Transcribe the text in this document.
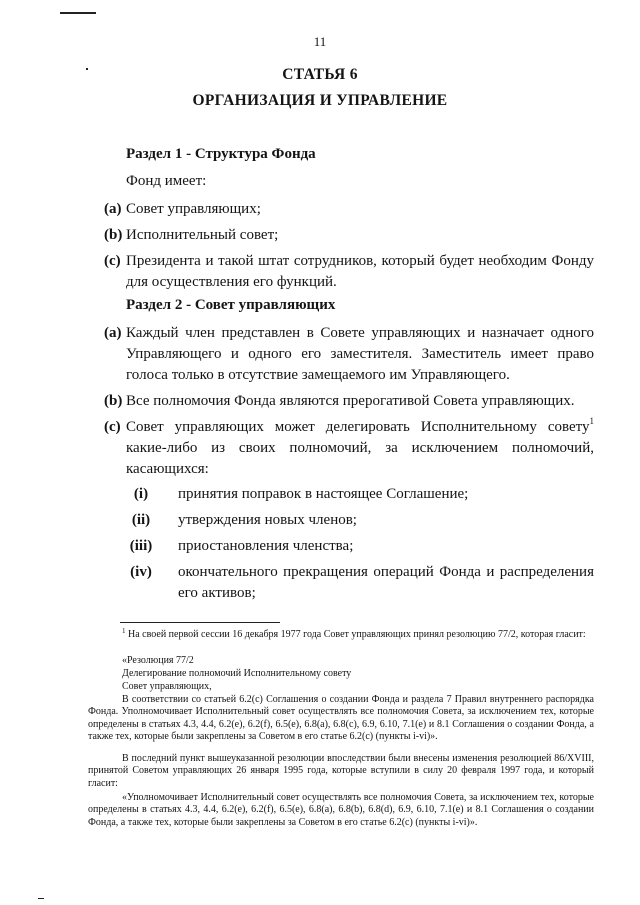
11
СТАТЬЯ 6
ОРГАНИЗАЦИЯ И УПРАВЛЕНИЕ
Раздел 1 - Структура Фонда
Фонд имеет:
(a) Совет управляющих;
(b) Исполнительный совет;
(c) Президента и такой штат сотрудников, который будет необходим Фонду для осуществления его функций.
Раздел 2 - Совет управляющих
(a) Каждый член представлен в Совете управляющих и назначает одного Управляющего и одного его заместителя. Заместитель имеет право голоса только в отсутствие замещаемого им Управляющего.
(b) Все полномочия Фонда являются прерогативой Совета управляющих.
(c) Совет управляющих может делегировать Исполнительному совету$^1$ какие-либо из своих полномочий, за исключением полномочий, касающихся:
(i)	принятия поправок в настоящее Соглашение;
(ii)	утверждения новых членов;
(iii)	приостановления членства;
(iv)	окончательного прекращения операций Фонда и распределения его активов;
$^1$ На своей первой сессии 16 декабря 1977 года Совет управляющих принял резолюцию 77/2, которая гласит:
«Резолюция 77/2
Делегирование полномочий Исполнительному совету
Совет управляющих,
В соответствии со статьей 6.2(c) Соглашения о создании Фонда и раздела 7 Правил внутреннего распорядка Фонда. Уполномочивает Исполнительный совет осуществлять все полномочия Совета, за исключением тех, которые определены в статьях 4.3, 4.4, 6.2(e), 6.2(f), 6.5(e), 6.8(a), 6.8(c), 6.9, 6.10, 7.1(e) и 8.1 Соглашения о создании Фонда, а также тех, которые были закреплены за Советом в его статье 6.2(c) (пункты i-vi)».
В последний пункт вышеуказанной резолюции впоследствии были внесены изменения резолюцией 86/XVIII, принятой Советом управляющих 26 января 1995 года, которые вступили в силу 20 февраля 1997 года, и который гласит:
«Уполномочивает Исполнительный совет осуществлять все полномочия Совета, за исключением тех, которые определены в статьях 4.3, 4.4, 6.2(e), 6.2(f), 6.5(e), 6.8(a), 6.8(b), 6.8(d), 6.9, 6.10, 7.1(e) и 8.1 Соглашения о создании Фонда, а также тех, которые были закреплены за Советом в его статье 6.2(c) (пункты i-vi)».
